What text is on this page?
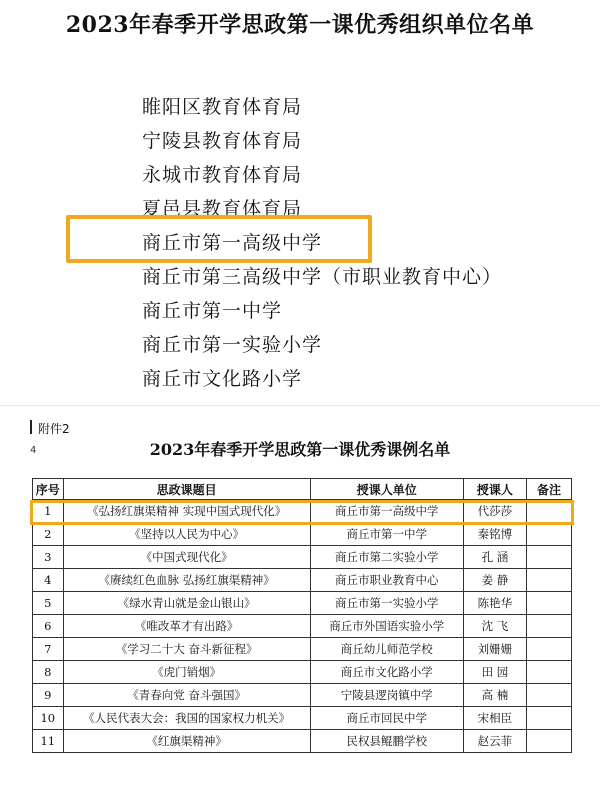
2023年春季开学思政第一课优秀组织单位名单
睢阳区教育体育局
宁陵县教育体育局
永城市教育体育局
夏邑县教育体育局
商丘市第一高级中学
商丘市第三高级中学（市职业教育中心）
商丘市第一中学
商丘市第一实验小学
商丘市文化路小学
4
附件2
2023年春季开学思政第一课优秀课例名单
序号	思政课题目	授课人单位	授课人	备注
1	《弘扬红旗渠精神 实现中国式现代化》	商丘市第一高级中学	代莎莎	
2	《坚持以人民为中心》	商丘市第一中学	秦铭博	
3	《中国式现代化》	商丘市第二实验小学	孔 涵	
4	《赓续红色血脉 弘扬红旗渠精神》	商丘市职业教育中心	姜 静	
5	《绿水青山就是金山银山》	商丘市第一实验小学	陈艳华	
6	《唯改革才有出路》	商丘市外国语实验小学	沈 飞	
7	《学习二十大 奋斗新征程》	商丘幼儿师范学校	刘姗姗	
8	《虎门销烟》	商丘市文化路小学	田 园	
9	《青春向党 奋斗强国》	宁陵县逻岗镇中学	高 楠	
10	《人民代表大会：我国的国家权力机关》	商丘市回民中学	宋相臣	
11	《红旗渠精神》	民权县鲲鹏学校	赵云菲	
